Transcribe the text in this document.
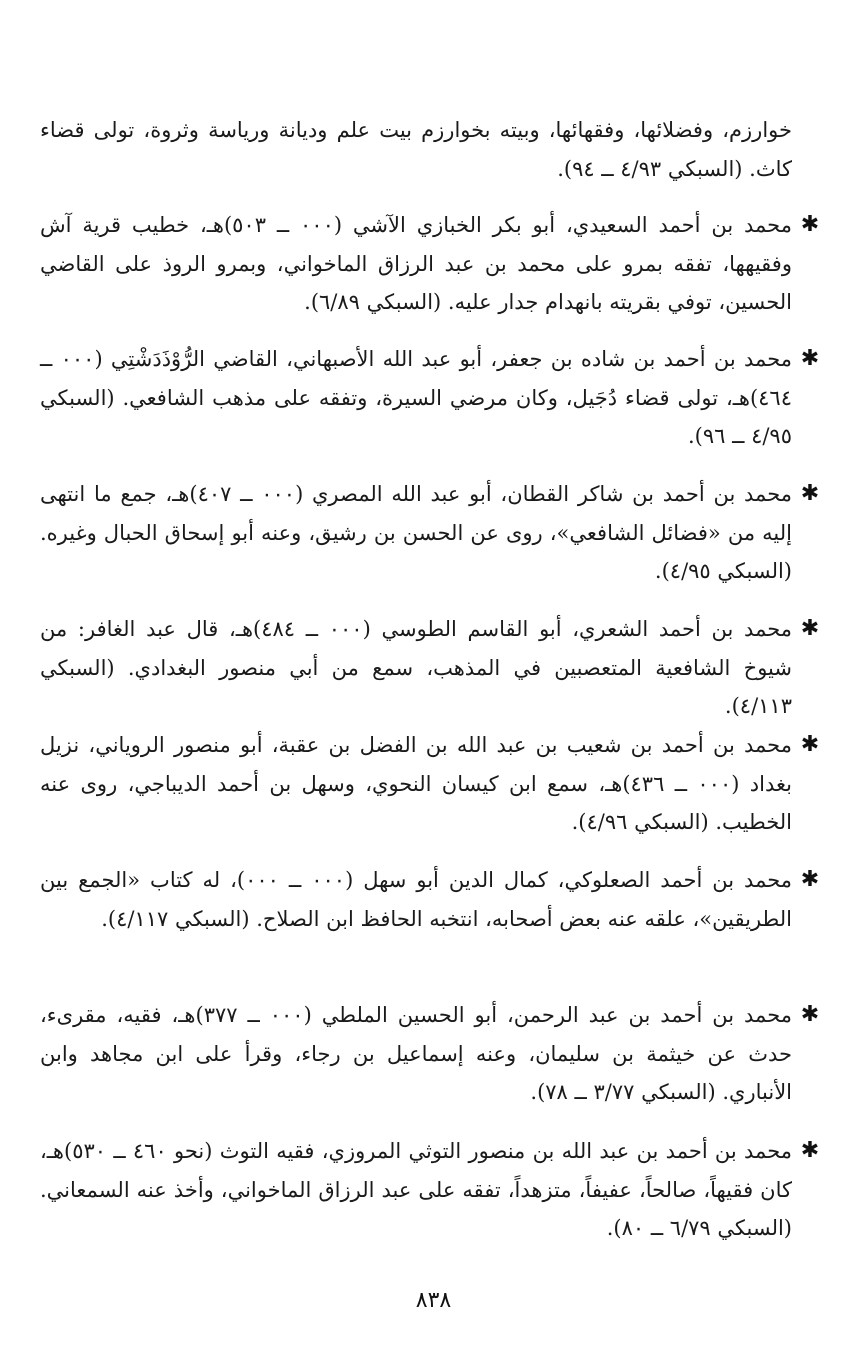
خوارزم، وفضلائها، وفقهائها، وبيته بخوارزم بيت علم وديانة ورياسة وثروة، تولى قضاء كاث. (السبكي ٤/٩٣ ــ ٩٤).

✱

محمد بن أحمد السعيدي، أبو بكر الخبازي الآشي (٠٠٠ ــ ٥٠٣)هـ، خطيب قرية آش وفقيهها، تفقه بمرو على محمد بن عبد الرزاق الماخواني، وبمرو الروذ على القاضي الحسين، توفي بقريته بانهدام جدار عليه. (السبكي ٦/٨٩).

✱

محمد بن أحمد بن شاده بن جعفر، أبو عبد الله الأصبهاني، القاضي الرُّوْذَدَشْتِي (٠٠٠ ــ ٤٦٤)هـ، تولى قضاء دُجَيل، وكان مرضي السيرة، وتفقه على مذهب الشافعي. (السبكي ٤/٩٥ ــ ٩٦).

✱

محمد بن أحمد بن شاكر القطان، أبو عبد الله المصري (٠٠٠ ــ ٤٠٧)هـ، جمع ما انتهى إليه من «فضائل الشافعي»، روى عن الحسن بن رشيق، وعنه أبو إسحاق الحبال وغيره. (السبكي ٤/٩٥).

✱

محمد بن أحمد الشعري، أبو القاسم الطوسي (٠٠٠ ــ ٤٨٤)هـ، قال عبد الغافر: من شيوخ الشافعية المتعصبين في المذهب، سمع من أبي منصور البغدادي. (السبكي ٤/١١٣).

✱

محمد بن أحمد بن شعيب بن عبد الله بن الفضل بن عقبة، أبو منصور الروياني، نزيل بغداد (٠٠٠ ــ ٤٣٦)هـ، سمع ابن كيسان النحوي، وسهل بن أحمد الديباجي، روى عنه الخطيب. (السبكي ٤/٩٦).

✱

محمد بن أحمد الصعلوكي، كمال الدين أبو سهل (٠٠٠ ــ ٠٠٠)، له كتاب «الجمع بين الطريقين»، علقه عنه بعض أصحابه، انتخبه الحافظ ابن الصلاح. (السبكي ٤/١١٧).

✱

محمد بن أحمد بن عبد الرحمن، أبو الحسين الملطي (٠٠٠ ــ ٣٧٧)هـ، فقيه، مقرىء، حدث عن خيثمة بن سليمان، وعنه إسماعيل بن رجاء، وقرأ على ابن مجاهد وابن الأنباري. (السبكي ٣/٧٧ ــ ٧٨).

✱

محمد بن أحمد بن عبد الله بن منصور التوثي المروزي، فقيه التوث (نحو ٤٦٠ ــ ٥٣٠)هـ، كان فقيهاً، صالحاً، عفيفاً، متزهداً، تفقه على عبد الرزاق الماخواني، وأخذ عنه السمعاني. (السبكي ٦/٧٩ ــ ٨٠).

٨٣٨
